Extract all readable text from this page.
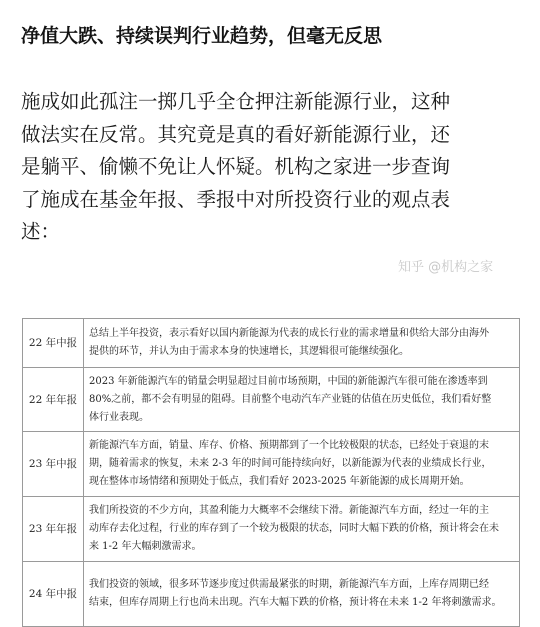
净值大跌、持续误判行业趋势，但毫无反思
施成如此孤注一掷几乎全仓押注新能源行业，这种
做法实在反常。其究竟是真的看好新能源行业，还
是躺平、偷懒不免让人怀疑。机构之家进一步查询
了施成在基金年报、季报中对所投资行业的观点表
述：
知乎 @机构之家
22 年中报	总结上半年投资，表示看好以国内新能源为代表的成长行业的需求增量和供给大部分由海外
提供的环节，并认为由于需求本身的快速增长，其逻辑很可能继续强化。

22 年年报	2023 年新能源汽车的销量会明显超过目前市场预期，中国的新能源汽车很可能在渗透率到
80%之前，都不会有明显的阻碍。目前整个电动汽车产业链的估值在历史低位，我们看好整
体行业表现。

23 年中报	新能源汽车方面，销量、库存、价格、预期都到了一个比较极限的状态，已经处于衰退的末
期，随着需求的恢复，未来 2-3 年的时间可能持续向好，以新能源为代表的业绩成长行业，
现在整体市场情绪和预期处于低点，我们看好 2023-2025 年新能源的成长周期开始。

23 年年报	我们所投资的不少方向，其盈利能力大概率不会继续下滑。新能源汽车方面，经过一年的主
动库存去化过程，行业的库存到了一个较为极限的状态，同时大幅下跌的价格，预计将会在未
来 1-2 年大幅刺激需求。

24 年中报	我们投资的领域，很多环节逐步度过供需最紧张的时期，新能源汽车方面，上库存周期已经
结束，但库存周期上行也尚未出现。汽车大幅下跌的价格，预计将在未来 1-2 年将刺激需求。
